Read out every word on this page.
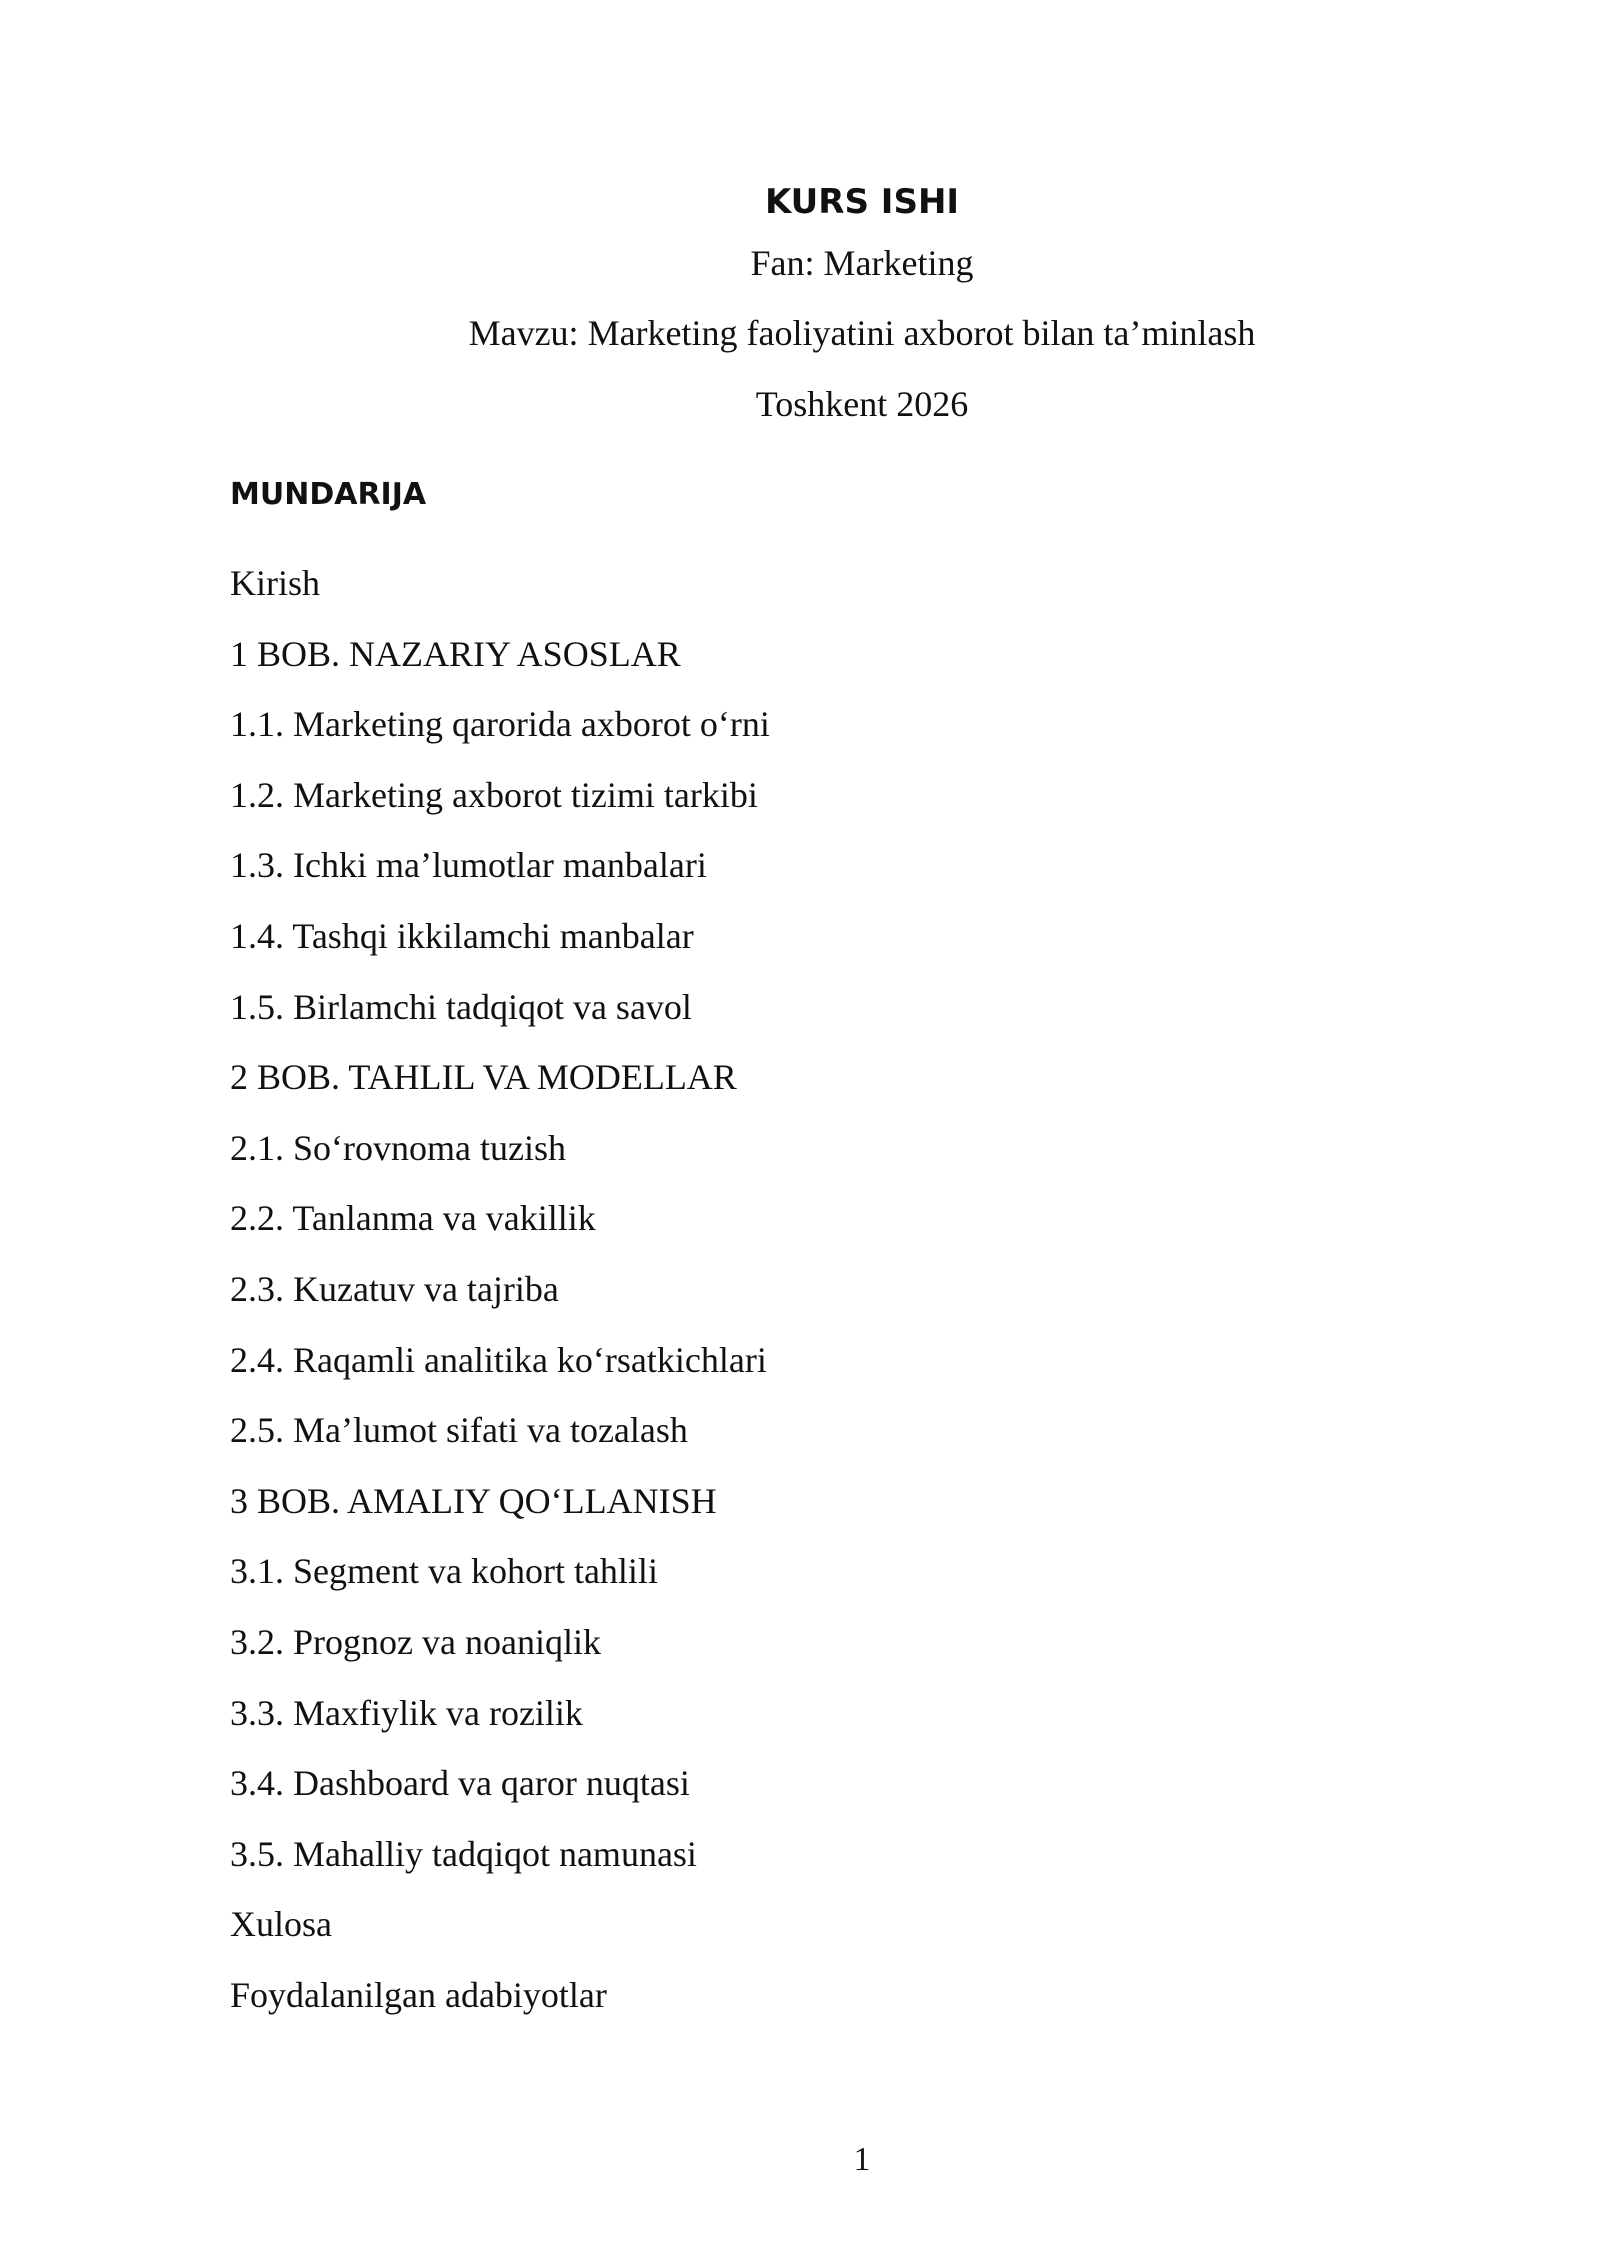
KURS ISHI
Fan: Marketing
Mavzu: Marketing faoliyatini axborot bilan ta’minlash
Toshkent 2026
MUNDARIJA
Kirish
1 BOB. NAZARIY ASOSLAR
1.1. Marketing qarorida axborot o‘rni
1.2. Marketing axborot tizimi tarkibi
1.3. Ichki ma’lumotlar manbalari
1.4. Tashqi ikkilamchi manbalar
1.5. Birlamchi tadqiqot va savol
2 BOB. TAHLIL VA MODELLAR
2.1. So‘rovnoma tuzish
2.2. Tanlanma va vakillik
2.3. Kuzatuv va tajriba
2.4. Raqamli analitika ko‘rsatkichlari
2.5. Ma’lumot sifati va tozalash
3 BOB. AMALIY QO‘LLANISH
3.1. Segment va kohort tahlili
3.2. Prognoz va noaniqlik
3.3. Maxfiylik va rozilik
3.4. Dashboard va qaror nuqtasi
3.5. Mahalliy tadqiqot namunasi
Xulosa
Foydalanilgan adabiyotlar
1
